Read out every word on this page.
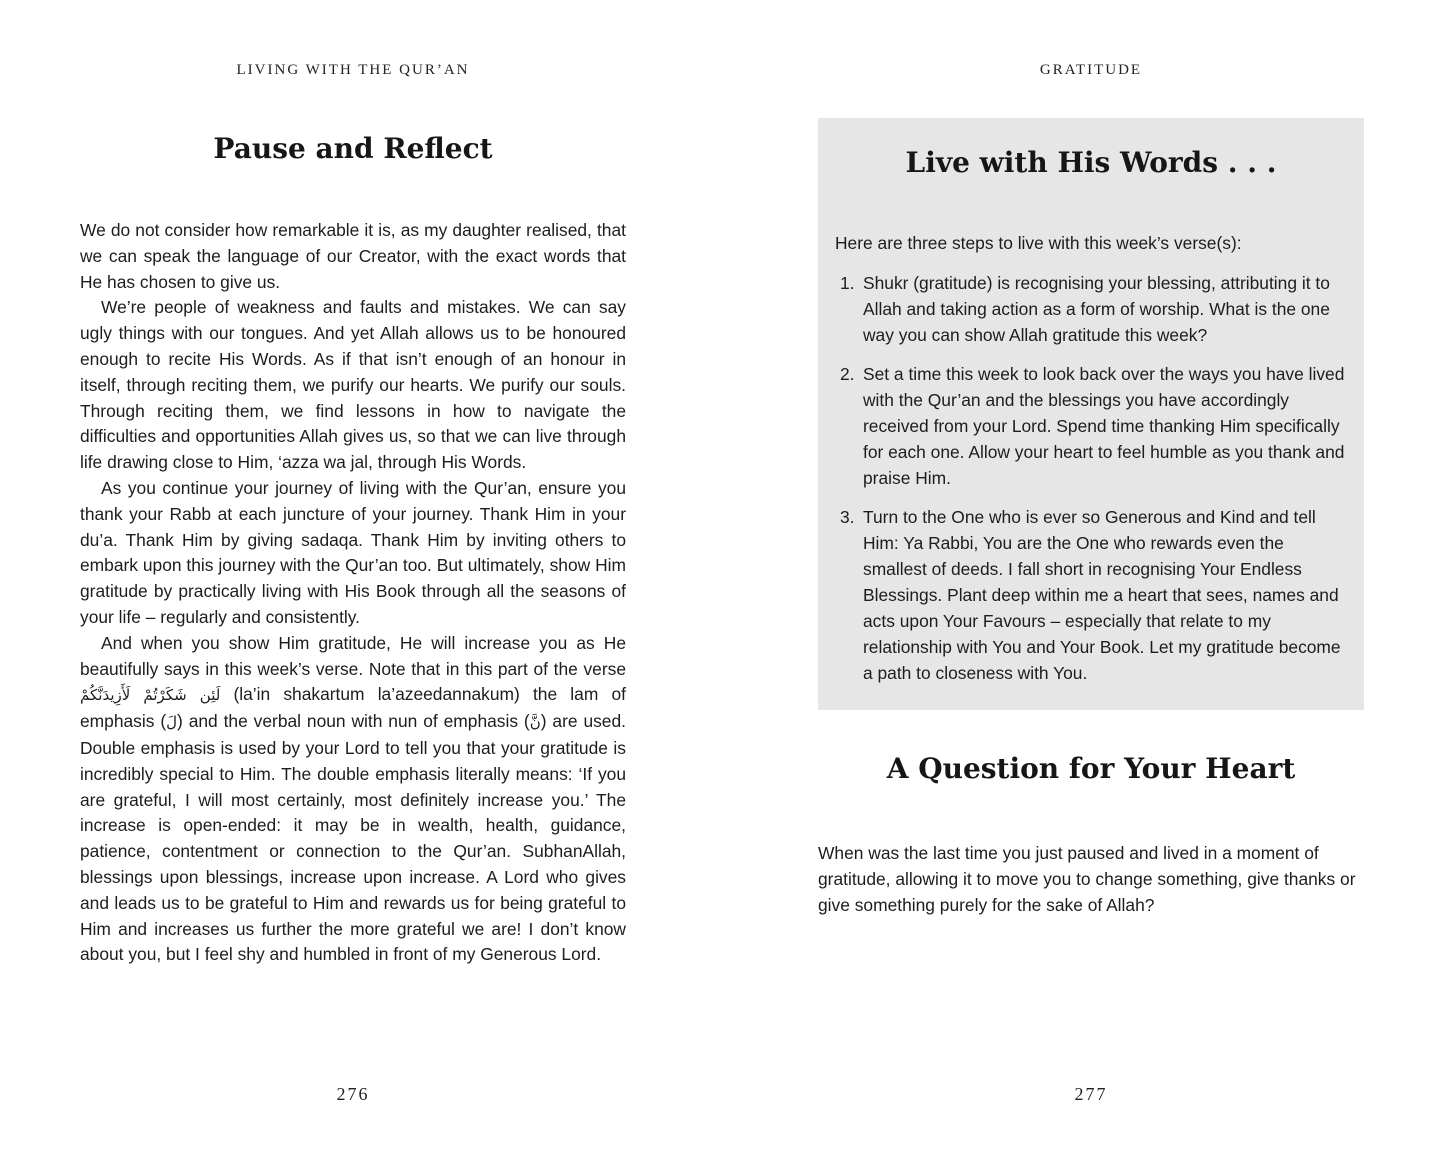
LIVING WITH THE QUR’AN
Pause and Reflect

We do not consider how remarkable it is, as my daughter realised, that we can speak the language of our Creator, with the exact words that He has chosen to give us.

We’re people of weakness and faults and mistakes. We can say ugly things with our tongues. And yet Allah allows us to be honoured enough to recite His Words. As if that isn’t enough of an honour in itself, through reciting them, we purify our hearts. We purify our souls. Through reciting them, we find lessons in how to navigate the difficulties and opportunities Allah gives us, so that we can live through life drawing close to Him, ‘azza wa jal, through His Words.

As you continue your journey of living with the Qur’an, ensure you thank your Rabb at each juncture of your journey. Thank Him in your du’a. Thank Him by giving sadaqa. Thank Him by inviting others to embark upon this journey with the Qur’an too. But ultimately, show Him gratitude by practically living with His Book through all the seasons of your life – regularly and consistently.

And when you show Him gratitude, He will increase you as He beautifully says in this week’s verse. Note that in this part of the verse لَئِن شَكَرْتُمْ لَأَزِيدَنَّكُمْ (la’in shakartum la’azeedannakum) the lam of emphasis (لَ) and the verbal noun with nun of emphasis (نَّ) are used. Double emphasis is used by your Lord to tell you that your gratitude is incredibly special to Him. The double emphasis literally means: ‘If you are grateful, I will most certainly, most definitely increase you.’ The increase is open-ended: it may be in wealth, health, guidance, patience, contentment or connection to the Qur’an. SubhanAllah, blessings upon blessings, increase upon increase. A Lord who gives and leads us to be grateful to Him and rewards us for being grateful to Him and increases us further the more grateful we are! I don’t know about you, but I feel shy and humbled in front of my Generous Lord.

276
GRATITUDE
Live with His Words . . .

Here are three steps to live with this week’s verse(s):

1. Shukr (gratitude) is recognising your blessing, attributing it to Allah and taking action as a form of worship. What is the one way you can show Allah gratitude this week?
2. Set a time this week to look back over the ways you have lived with the Qur’an and the blessings you have accordingly received from your Lord. Spend time thanking Him specifically for each one. Allow your heart to feel humble as you thank and praise Him.
3. Turn to the One who is ever so Generous and Kind and tell Him: Ya Rabbi, You are the One who rewards even the smallest of deeds. I fall short in recognising Your Endless Blessings. Plant deep within me a heart that sees, names and acts upon Your Favours – especially that relate to my relationship with You and Your Book. Let my gratitude become a path to closeness with You.
A Question for Your Heart

When was the last time you just paused and lived in a moment of gratitude, allowing it to move you to change something, give thanks or give something purely for the sake of Allah?

277
